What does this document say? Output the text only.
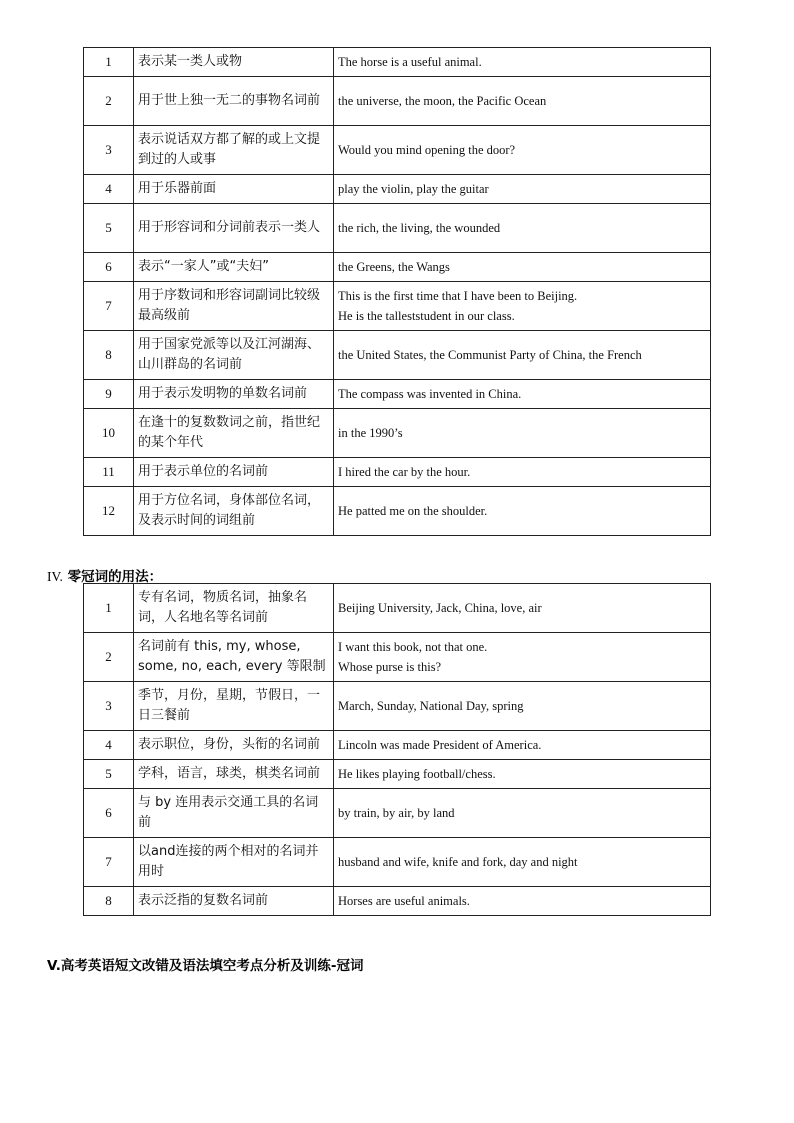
1	表示某一类人或物	The horse is a useful animal.

2	用于世上独一无二的事物名词前	the universe, the moon, the Pacific Ocean

3	表示说话双方都了解的或上文提到过的人或事	Would you mind opening the door?

4	用于乐器前面	play the violin, play the guitar

5	用于形容词和分词前表示一类人	the rich, the living, the wounded

6	表示“一家人”或“夫妇”	the Greens, the Wangs

7	用于序数词和形容词副词比较级最高级前	This is the first time that I have been to Beijing.
He is the talleststudent in our class.

8	用于国家党派等以及江河湖海、山川群岛的名词前	the United States, the Communist Party of China, the French

9	用于表示发明物的单数名词前	The compass was invented in China.

10	在逢十的复数数词之前，指世纪的某个年代	in the 1990’s

11	用于表示单位的名词前	I hired the car by the hour.

12	用于方位名词，身体部位名词，及表示时间的词组前	He patted me on the shoulder.
IV. 零冠词的用法：
1	专有名词，物质名词，抽象名词，人名地名等名词前	Beijing University, Jack, China, love, air

2	名词前有 this, my, whose, some, no, each, every 等限制	I want this book, not that one.
Whose purse is this?

3	季节，月份，星期，节假日，一日三餐前	March, Sunday, National Day, spring

4	表示职位，身份，头衔的名词前	Lincoln was made President of America.

5	学科，语言，球类，棋类名词前	He likes playing football/chess.

6	与 by 连用表示交通工具的名词前	by train, by air, by land

7	以and连接的两个相对的名词并用时	husband and wife, knife and fork, day and night

8	表示泛指的复数名词前	Horses are useful animals.
V.高考英语短文改错及语法填空考点分析及训练-冠词
